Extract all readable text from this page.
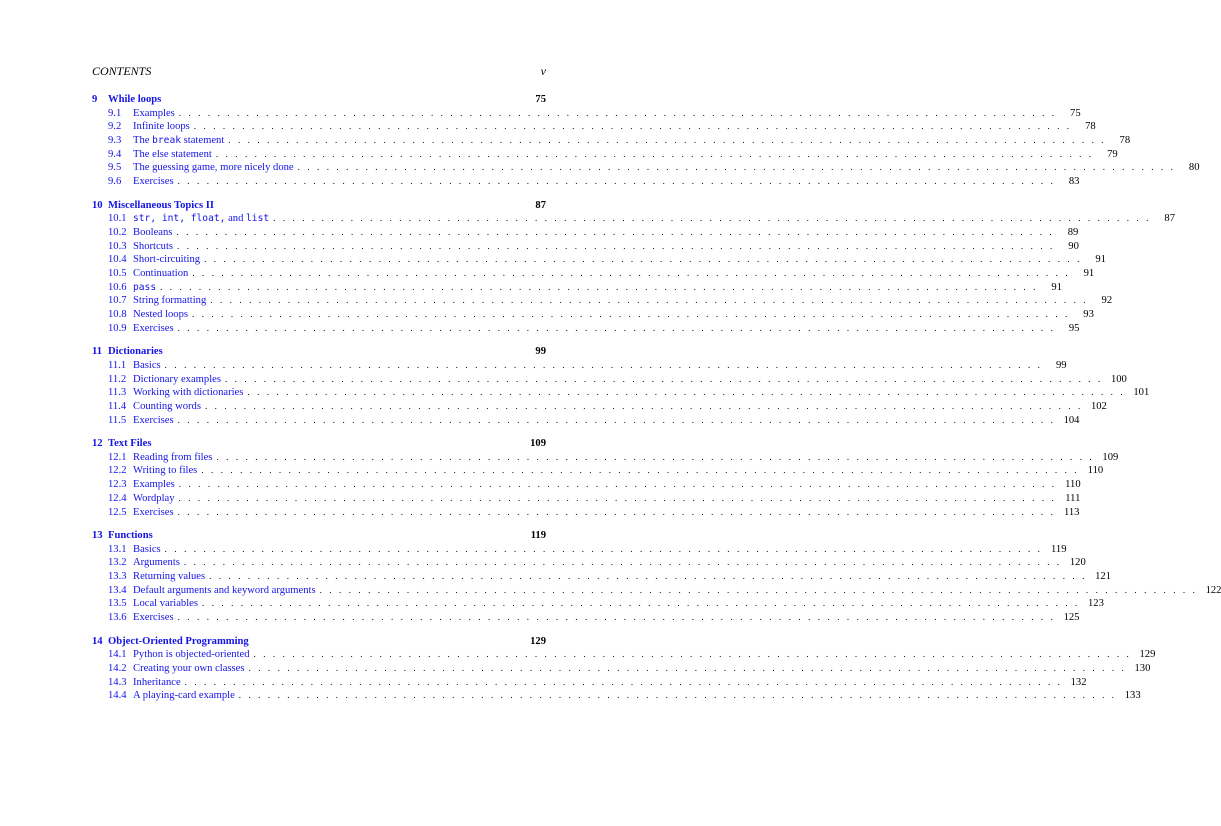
CONTENTS	v
9	While loops	75
9.1	Examples . . . . . . . . . . . . . . . . . . . . . . . . . . . . . . . . . . . . . . . . . . . . . . . . . . . . . . . . . . . . . . . . . . . . . . . . . . . . . . . . . . . . . . . . . . .	75
9.2	Infinite loops . . . . . . . . . . . . . . . . . . . . . . . . . . . . . . . . . . . . . . . . . . . . . . . . . . . . . . . . . . . . . . . . . . . . . . . . . . . . . . . . . . . . . . . . . . .	78
9.3	The break statement . . . . . . . . . . . . . . . . . . . . . . . . . . . . . . . . . . . . . . . . . . . . . . . . . . . . . . . . . . . . . . . . . . . . . . . . . . . . . . . . . . . . . . . . . . .	78
9.4	The else statement . . . . . . . . . . . . . . . . . . . . . . . . . . . . . . . . . . . . . . . . . . . . . . . . . . . . . . . . . . . . . . . . . . . . . . . . . . . . . . . . . . . . . . . . . . .	79
9.5	The guessing game, more nicely done . . . . . . . . . . . . . . . . . . . . . . . . . . . . . . . . . . . . . . . . . . . . . . . . . . . . . . . . . . . . . . . . . . . . . . . . . . . . . . . . . . . . . . . . . . .	80
9.6	Exercises . . . . . . . . . . . . . . . . . . . . . . . . . . . . . . . . . . . . . . . . . . . . . . . . . . . . . . . . . . . . . . . . . . . . . . . . . . . . . . . . . . . . . . . . . . .	83
10 Miscellaneous Topics II	87
10.1 str, int, float, and list . . . . . . . . . . . . . . . . . . . . . . . . . . . . . . . . . . . . . . . . . . . . . . . . . . . . . . . . . . . . . . . . . . . . . . . . . . . . . . . . . . . . . . . . . . .	87
10.2 Booleans . . . . . . . . . . . . . . . . . . . . . . . . . . . . . . . . . . . . . . . . . . . . . . . . . . . . . . . . . . . . . . . . . . . . . . . . . . . . . . . . . . . . . . . . . . .	89
10.3 Shortcuts . . . . . . . . . . . . . . . . . . . . . . . . . . . . . . . . . . . . . . . . . . . . . . . . . . . . . . . . . . . . . . . . . . . . . . . . . . . . . . . . . . . . . . . . . . .	90
10.4 Short-circuiting . . . . . . . . . . . . . . . . . . . . . . . . . . . . . . . . . . . . . . . . . . . . . . . . . . . . . . . . . . . . . . . . . . . . . . . . . . . . . . . . . . . . . . . . . . .	91
10.5 Continuation . . . . . . . . . . . . . . . . . . . . . . . . . . . . . . . . . . . . . . . . . . . . . . . . . . . . . . . . . . . . . . . . . . . . . . . . . . . . . . . . . . . . . . . . . . .	91
10.6 pass . . . . . . . . . . . . . . . . . . . . . . . . . . . . . . . . . . . . . . . . . . . . . . . . . . . . . . . . . . . . . . . . . . . . . . . . . . . . . . . . . . . . . . . . . . .	91
10.7 String formatting . . . . . . . . . . . . . . . . . . . . . . . . . . . . . . . . . . . . . . . . . . . . . . . . . . . . . . . . . . . . . . . . . . . . . . . . . . . . . . . . . . . . . . . . . . .	92
10.8 Nested loops . . . . . . . . . . . . . . . . . . . . . . . . . . . . . . . . . . . . . . . . . . . . . . . . . . . . . . . . . . . . . . . . . . . . . . . . . . . . . . . . . . . . . . . . . . .	93
10.9 Exercises . . . . . . . . . . . . . . . . . . . . . . . . . . . . . . . . . . . . . . . . . . . . . . . . . . . . . . . . . . . . . . . . . . . . . . . . . . . . . . . . . . . . . . . . . . .	95
11 Dictionaries	99
11.1 Basics . . . . . . . . . . . . . . . . . . . . . . . . . . . . . . . . . . . . . . . . . . . . . . . . . . . . . . . . . . . . . . . . . . . . . . . . . . . . . . . . . . . . . . . . . . .	99
11.2 Dictionary examples . . . . . . . . . . . . . . . . . . . . . . . . . . . . . . . . . . . . . . . . . . . . . . . . . . . . . . . . . . . . . . . . . . . . . . . . . . . . . . . . . . . . . . . . . . . 100
11.3 Working with dictionaries . . . . . . . . . . . . . . . . . . . . . . . . . . . . . . . . . . . . . . . . . . . . . . . . . . . . . . . . . . . . . . . . . . . . . . . . . . . . . . . . . . . . . . . . . . . 101
11.4 Counting words . . . . . . . . . . . . . . . . . . . . . . . . . . . . . . . . . . . . . . . . . . . . . . . . . . . . . . . . . . . . . . . . . . . . . . . . . . . . . . . . . . . . . . . . . . . 102
11.5 Exercises . . . . . . . . . . . . . . . . . . . . . . . . . . . . . . . . . . . . . . . . . . . . . . . . . . . . . . . . . . . . . . . . . . . . . . . . . . . . . . . . . . . . . . . . . . . 104
12 Text Files	109
12.1 Reading from files . . . . . . . . . . . . . . . . . . . . . . . . . . . . . . . . . . . . . . . . . . . . . . . . . . . . . . . . . . . . . . . . . . . . . . . . . . . . . . . . . . . . . . . . . . . 109
12.2 Writing to files . . . . . . . . . . . . . . . . . . . . . . . . . . . . . . . . . . . . . . . . . . . . . . . . . . . . . . . . . . . . . . . . . . . . . . . . . . . . . . . . . . . . . . . . . . . 110
12.3 Examples . . . . . . . . . . . . . . . . . . . . . . . . . . . . . . . . . . . . . . . . . . . . . . . . . . . . . . . . . . . . . . . . . . . . . . . . . . . . . . . . . . . . . . . . . . . 110
12.4 Wordplay . . . . . . . . . . . . . . . . . . . . . . . . . . . . . . . . . . . . . . . . . . . . . . . . . . . . . . . . . . . . . . . . . . . . . . . . . . . . . . . . . . . . . . . . . . . 111
12.5 Exercises . . . . . . . . . . . . . . . . . . . . . . . . . . . . . . . . . . . . . . . . . . . . . . . . . . . . . . . . . . . . . . . . . . . . . . . . . . . . . . . . . . . . . . . . . . . 113
13 Functions	119
13.1 Basics . . . . . . . . . . . . . . . . . . . . . . . . . . . . . . . . . . . . . . . . . . . . . . . . . . . . . . . . . . . . . . . . . . . . . . . . . . . . . . . . . . . . . . . . . . . 119
13.2 Arguments . . . . . . . . . . . . . . . . . . . . . . . . . . . . . . . . . . . . . . . . . . . . . . . . . . . . . . . . . . . . . . . . . . . . . . . . . . . . . . . . . . . . . . . . . . . 120
13.3 Returning values . . . . . . . . . . . . . . . . . . . . . . . . . . . . . . . . . . . . . . . . . . . . . . . . . . . . . . . . . . . . . . . . . . . . . . . . . . . . . . . . . . . . . . . . . . . 121
13.4 Default arguments and keyword arguments . . . . . . . . . . . . . . . . . . . . . . . . . . . . . . . . . . . . . . . . . . . . . . . . . . . . . . . . . . . . . . . . . . . . . . . . . . . . . . . . . . . . . . . . . . . 122
13.5 Local variables . . . . . . . . . . . . . . . . . . . . . . . . . . . . . . . . . . . . . . . . . . . . . . . . . . . . . . . . . . . . . . . . . . . . . . . . . . . . . . . . . . . . . . . . . . . 123
13.6 Exercises . . . . . . . . . . . . . . . . . . . . . . . . . . . . . . . . . . . . . . . . . . . . . . . . . . . . . . . . . . . . . . . . . . . . . . . . . . . . . . . . . . . . . . . . . . . 125
14 Object-Oriented Programming	129
14.1 Python is objected-oriented . . . . . . . . . . . . . . . . . . . . . . . . . . . . . . . . . . . . . . . . . . . . . . . . . . . . . . . . . . . . . . . . . . . . . . . . . . . . . . . . . . . . . . . . . . . 129
14.2 Creating your own classes . . . . . . . . . . . . . . . . . . . . . . . . . . . . . . . . . . . . . . . . . . . . . . . . . . . . . . . . . . . . . . . . . . . . . . . . . . . . . . . . . . . . . . . . . . . 130
14.3 Inheritance . . . . . . . . . . . . . . . . . . . . . . . . . . . . . . . . . . . . . . . . . . . . . . . . . . . . . . . . . . . . . . . . . . . . . . . . . . . . . . . . . . . . . . . . . . . 132
14.4 A playing-card example . . . . . . . . . . . . . . . . . . . . . . . . . . . . . . . . . . . . . . . . . . . . . . . . . . . . . . . . . . . . . . . . . . . . . . . . . . . . . . . . . . . . . . . . . . . 133
